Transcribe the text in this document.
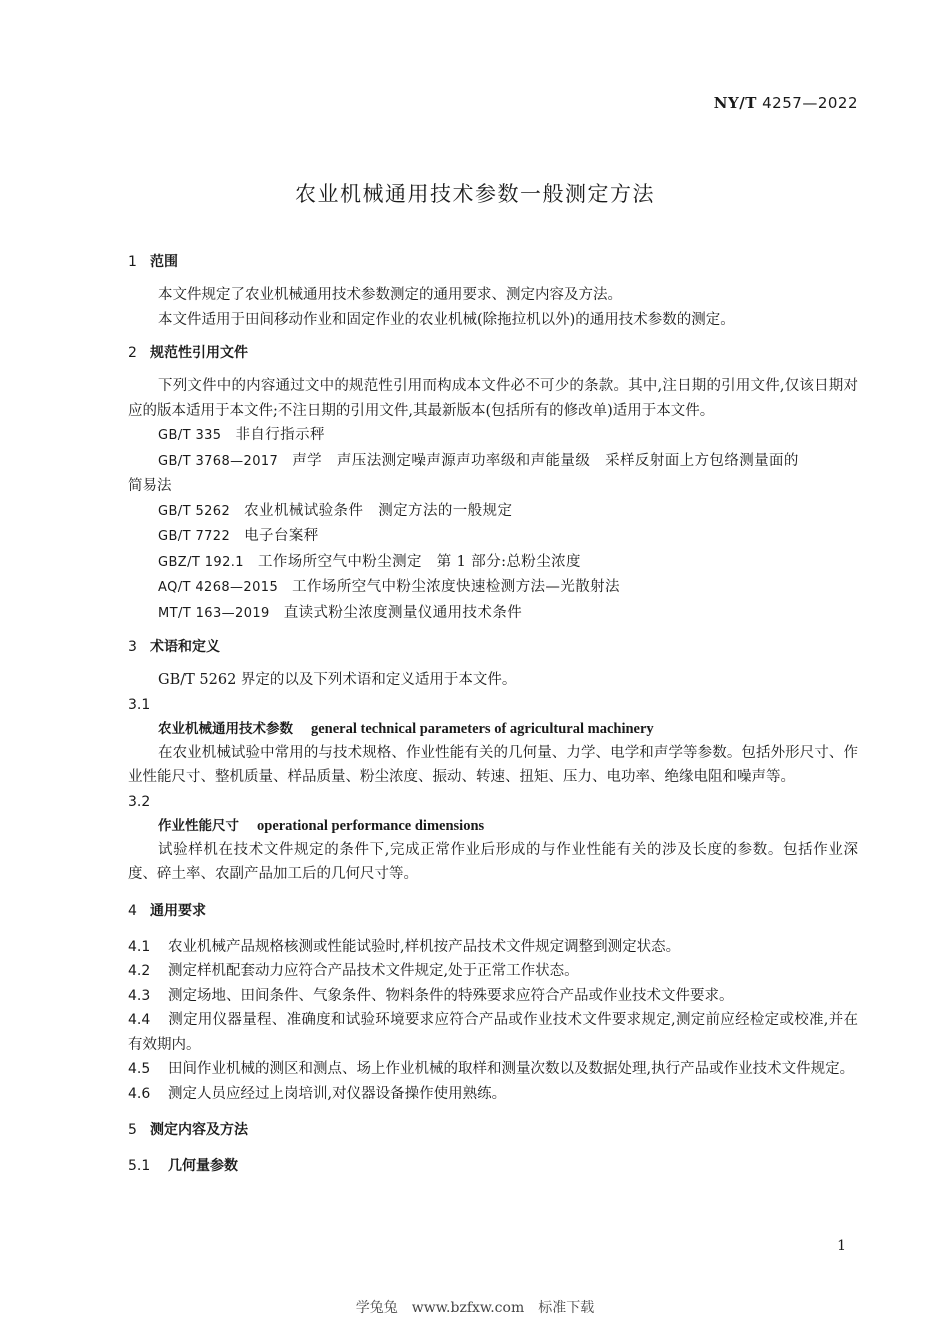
NY/T 4257—2022
农业机械通用技术参数一般测定方法

1 范围

本文件规定了农业机械通用技术参数测定的通用要求、测定内容及方法。

本文件适用于田间移动作业和固定作业的农业机械(除拖拉机以外)的通用技术参数的测定。

2 规范性引用文件

下列文件中的内容通过文中的规范性引用而构成本文件必不可少的条款。其中,注日期的引用文件,仅该日期对应的版本适用于本文件;不注日期的引用文件,其最新版本(包括所有的修改单)适用于本文件。

GB/T 335 非自行指示秤

GB/T 3768—2017 声学　声压法测定噪声源声功率级和声能量级　采样反射面上方包络测量面的

简易法

GB/T 5262 农业机械试验条件　测定方法的一般规定

GB/T 7722 电子台案秤

GBZ/T 192.1 工作场所空气中粉尘测定　第 1 部分:总粉尘浓度

AQ/T 4268—2015 工作场所空气中粉尘浓度快速检测方法—光散射法

MT/T 163—2019 直读式粉尘浓度测量仪通用技术条件

3 术语和定义

GB/T 5262 界定的以及下列术语和定义适用于本文件。

3.1

农业机械通用技术参数 general technical parameters of agricultural machinery

在农业机械试验中常用的与技术规格、作业性能有关的几何量、力学、电学和声学等参数。包括外形尺寸、作业性能尺寸、整机质量、样品质量、粉尘浓度、振动、转速、扭矩、压力、电功率、绝缘电阻和噪声等。

3.2

作业性能尺寸 operational performance dimensions

试验样机在技术文件规定的条件下,完成正常作业后形成的与作业性能有关的涉及长度的参数。包括作业深度、碎土率、农副产品加工后的几何尺寸等。

4 通用要求

4.1 农业机械产品规格核测或性能试验时,样机按产品技术文件规定调整到测定状态。

4.2 测定样机配套动力应符合产品技术文件规定,处于正常工作状态。

4.3 测定场地、田间条件、气象条件、物料条件的特殊要求应符合产品或作业技术文件要求。

4.4 测定用仪器量程、准确度和试验环境要求应符合产品或作业技术文件要求规定,测定前应经检定或校准,并在有效期内。

4.5 田间作业机械的测区和测点、场上作业机械的取样和测量次数以及数据处理,执行产品或作业技术文件规定。

4.6 测定人员应经过上岗培训,对仪器设备操作使用熟练。

5 测定内容及方法

5.1 几何量参数

1
学兔兔　www.bzfxw.com　标准下载
